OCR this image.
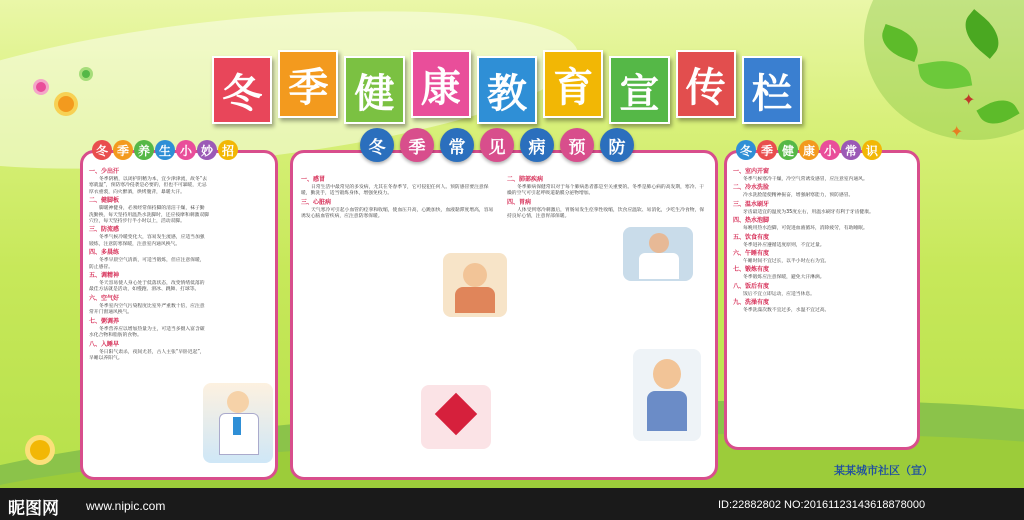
✦
✦
冬 季 健 康 教 育 宣 传 栏
一、少出汗
冬季阴精，以闭护阴精为本，宜少津津流，故冬“去寒就温”，预防寒冷侵袭是必要的，但也不可暴暖，尤忌厚衣重裘，向火醉酒，烘烤腹背，暴暖大汗。
二、健脚板
脚暖神健身，必须经常保持脚的清洁干燥，袜子勤洗勤换，每天坚持用温热水洗脚时，还应按摩和刺激双脚穴位，每天坚持步行半小时以上，活动双脚。
三、防流感
冬季气候冷暖变化大，容易发生流感，应适当加强锻炼，注意防寒保暖，注意室内通风换气。
四、多晨练
冬季早晨空气清新，可适当锻炼，但应注意保暖，防止感冒。
五、调精神
冬天容易使人身心处于低落状态，改变情绪低落的最佳方法就是活动，如慢跑、滑冰、跳舞、打球等。
六、空气好
冬季室内空气污染程度比室外严重数十倍，应注意常开门窗通风换气。
七、粥调养
冬季营养应以增加热量为主，可适当多摄入富含碳水化合物和脂肪的食物。
八、入睡早
冬日阳气肃杀，夜间尤甚，古人主张“早卧迟起”，早睡以养阳气。
冬 季 养 生 小 妙 招
一、感冒
日常生活中最常见的多发病，尤其在冬春季节，它可侵犯任何人。预防感冒要注意保暖，勤洗手，适当锻炼身体，增强免疫力。
三、心脏病
天气寒冷可引起小血管的痉挛和收缩，使血压升高，心跳加快，血液黏滞度增高，容易诱发心脑血管疾病，应注意防寒保暖。
二、肺部疾病
冬季肺病保健常识对于每个肺病患者都是至关重要的。冬季是肺心病的高发期，寒冷、干燥的空气可引起呼吸道黏膜分泌物增加。
四、胃病
人体受到寒冷刺激后，胃肠易发生痉挛性收缩，饮食应温软、易消化，少吃生冷食物，保持良好心情，注意胃部保暖。
冬	季	常	见	病	预	防
一、室内开窗
冬季气候寒冷干燥，冷空气常诱发感冒，应注意室内通风。
二、冷水洗脸
冷水洗脸能使精神振奋，增强耐寒能力，预防感冒。
三、温水刷牙
牙齿最适宜的温度为35度左右，用温水刷牙有利于牙齿健康。
四、热水泡脚
每晚用热水泡脚，可促进血液循环，消除疲劳，有助睡眠。
五、饮食有度
冬季进补应遵循适度原则，不宜过量。
六、午睡有度
午睡时间不宜过长，以半小时左右为宜。
七、锻炼有度
冬季锻炼应注意保暖，避免大汗淋漓。
八、饭后有度
饭后不宜立即运动，应适当休息。
九、洗澡有度
冬季洗澡次数不宜过多，水温不宜过高。
冬 季 健 康 小 常 识
某某城市社区（宣）
昵图网 www.nipic.com	ID:22882802 NO:20161123143618878000
